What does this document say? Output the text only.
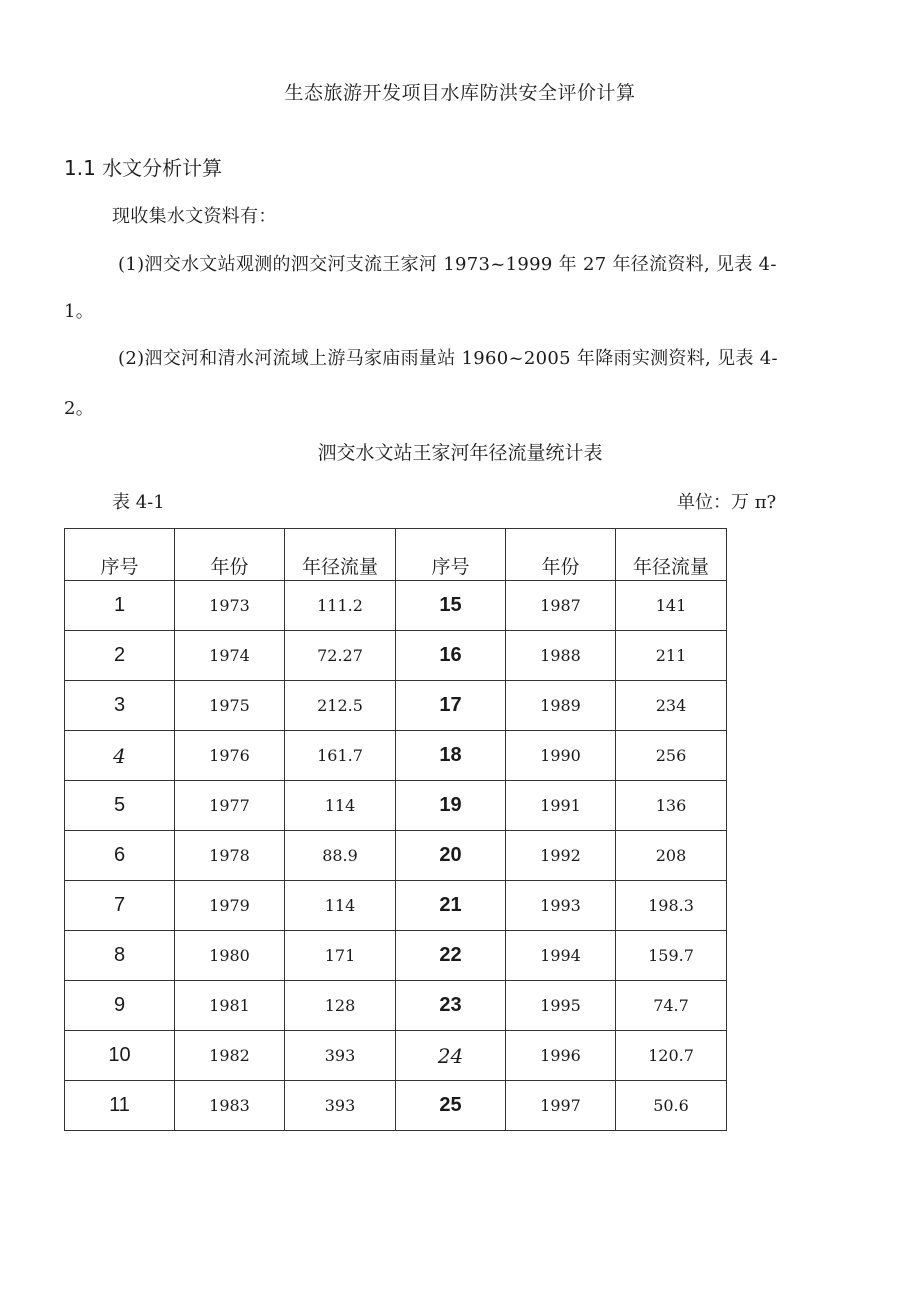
生态旅游开发项目水库防洪安全评价计算
1.1 水文分析计算
现收集水文资料有：
(1)泗交水文站观测的泗交河支流王家河 1973~1999 年 27 年径流资料, 见表 4-
1。
(2)泗交河和清水河流域上游马家庙雨量站 1960~2005 年降雨实测资料, 见表 4-
2。
泗交水文站王家河年径流量统计表
表 4-1	单位：万 π?
序号	年份	年径流量	序号	年份	年径流量
1	1973	111.2	15	1987	141
2	1974	72.27	16	1988	211
3	1975	212.5	17	1989	234
4	1976	161.7	18	1990	256
5	1977	114	19	1991	136
6	1978	88.9	20	1992	208
7	1979	114	21	1993	198.3
8	1980	171	22	1994	159.7
9	1981	128	23	1995	74.7
10	1982	393	24	1996	120.7
11	1983	393	25	1997	50.6
